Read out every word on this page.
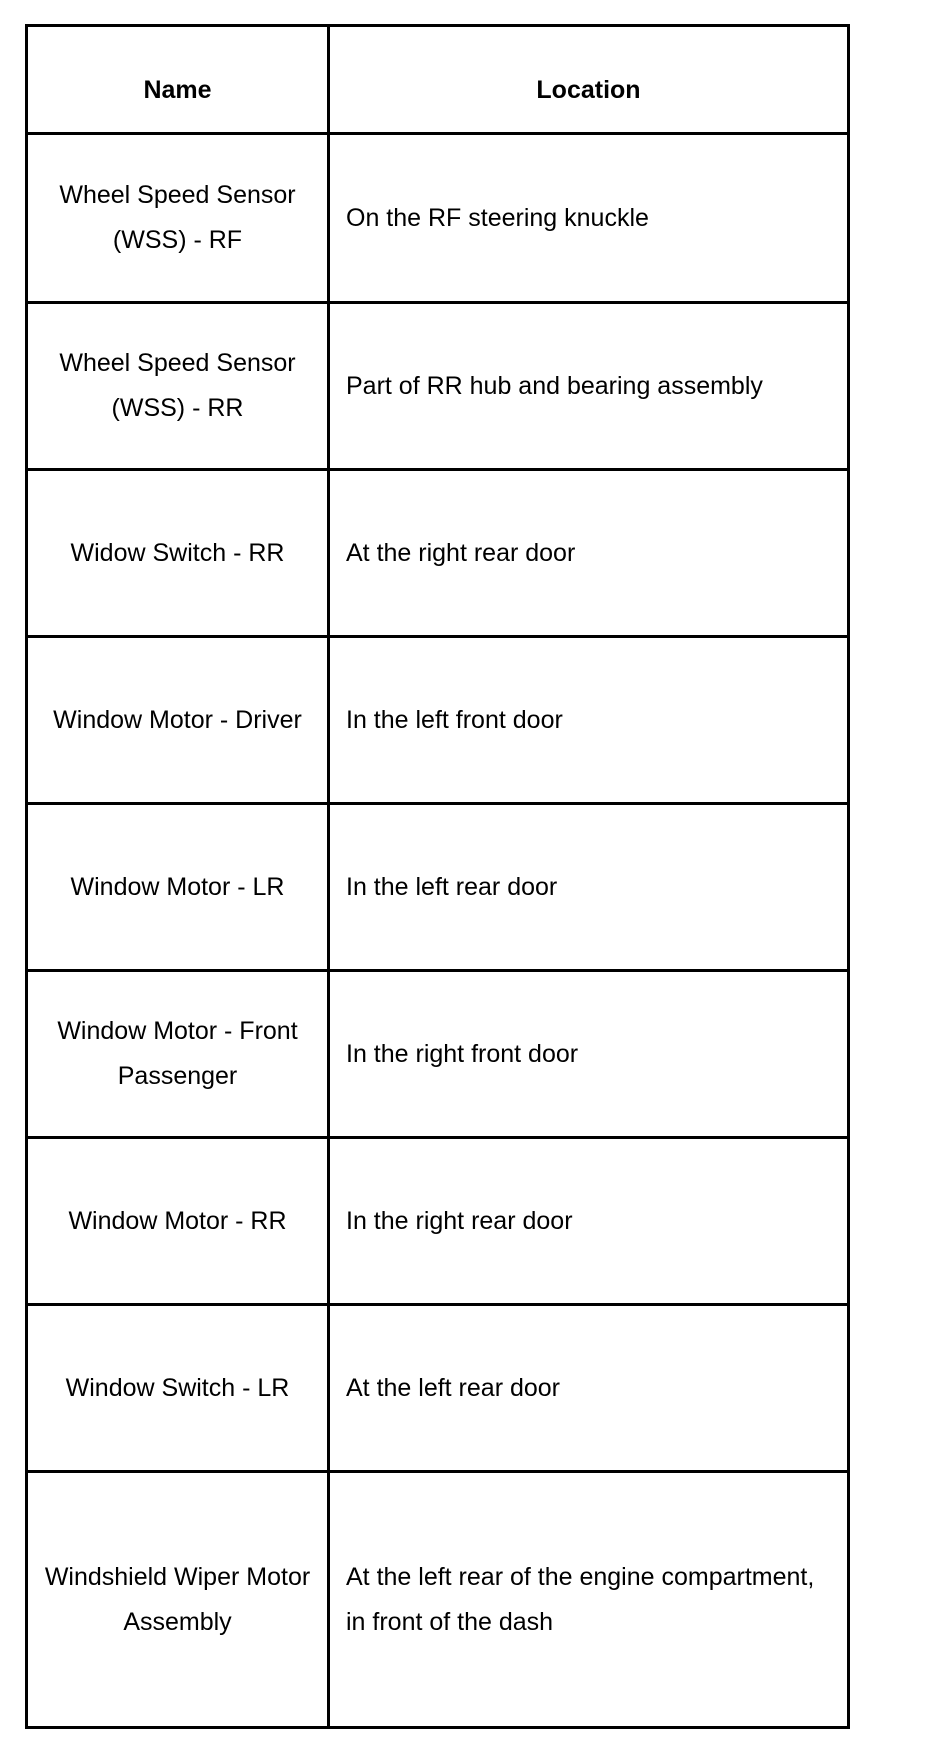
Name	Location
Wheel Speed Sensor (WSS) - RF	On the RF steering knuckle
Wheel Speed Sensor (WSS) - RR	Part of RR hub and bearing assembly
Widow Switch - RR	At the right rear door
Window Motor - Driver	In the left front door
Window Motor - LR	In the left rear door
Window Motor - Front Passenger	In the right front door
Window Motor - RR	In the right rear door
Window Switch - LR	At the left rear door
Windshield Wiper Motor Assembly	At the left rear of the engine compartment, in front of the dash
